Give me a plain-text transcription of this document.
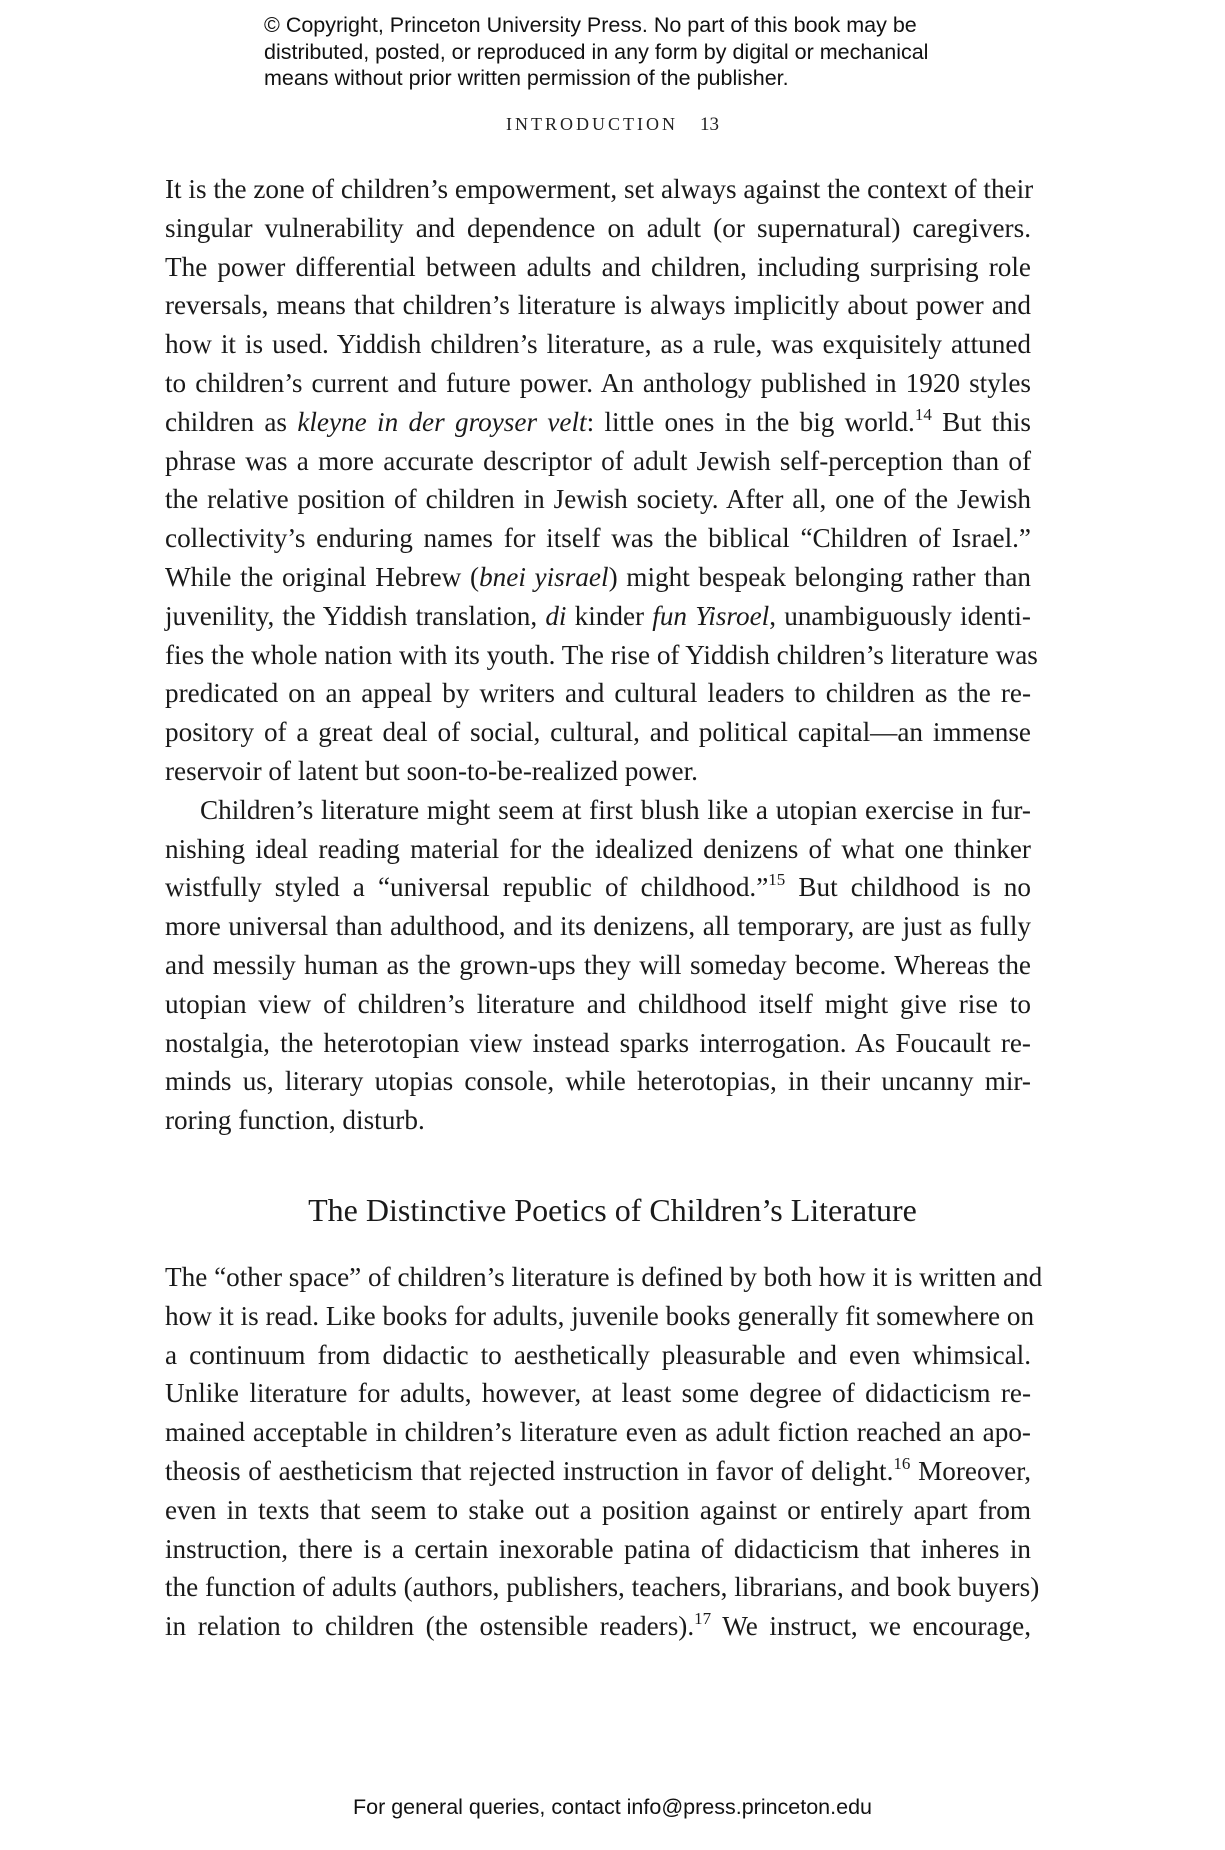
© Copyright, Princeton University Press. No part of this book may be
distributed, posted, or reproduced in any form by digital or mechanical
means without prior written permission of the publisher.
INTRODUCTION 13
It is the zone of children’s empowerment, set always against the context of their
singular vulnerability and dependence on adult (or supernatural) caregivers.
The power differential between adults and children, including surprising role
reversals, means that children’s literature is always implicitly about power and
how it is used. Yiddish children’s literature, as a rule, was exquisitely attuned
to children’s current and future power. An anthology published in 1920 styles
children as kleyne in der groyser velt: little ones in the big world.$^{14}$ But this
phrase was a more accurate descriptor of adult Jewish self-perception than of
the relative position of children in Jewish society. After all, one of the Jewish
collectivity’s enduring names for itself was the biblical “Children of Israel.”
While the original Hebrew (bnei yisrael) might bespeak belonging rather than
juvenility, the Yiddish translation, di kinder fun Yisroel, unambiguously identi-
fies the whole nation with its youth. The rise of Yiddish children’s literature was
predicated on an appeal by writers and cultural leaders to children as the re-
pository of a great deal of social, cultural, and political capital—an immense
reservoir of latent but soon-to-be-realized power.
Children’s literature might seem at first blush like a utopian exercise in fur-
nishing ideal reading material for the idealized denizens of what one thinker
wistfully styled a “universal republic of childhood.”$^{15}$ But childhood is no
more universal than adulthood, and its denizens, all temporary, are just as fully
and messily human as the grown-ups they will someday become. Whereas the
utopian view of children’s literature and childhood itself might give rise to
nostalgia, the heterotopian view instead sparks interrogation. As Foucault re-
minds us, literary utopias console, while heterotopias, in their uncanny mir-
roring function, disturb.
The Distinctive Poetics of Children’s Literature
The “other space” of children’s literature is defined by both how it is written and
how it is read. Like books for adults, juvenile books generally fit somewhere on
a continuum from didactic to aesthetically pleasurable and even whimsical.
Unlike literature for adults, however, at least some degree of didacticism re-
mained acceptable in children’s literature even as adult fiction reached an apo-
theosis of aestheticism that rejected instruction in favor of delight.$^{16}$ Moreover,
even in texts that seem to stake out a position against or entirely apart from
instruction, there is a certain inexorable patina of didacticism that inheres in
the function of adults (authors, publishers, teachers, librarians, and book buyers)
in relation to children (the ostensible readers).$^{17}$ We instruct, we encourage,
For general queries, contact info@press.princeton.edu
